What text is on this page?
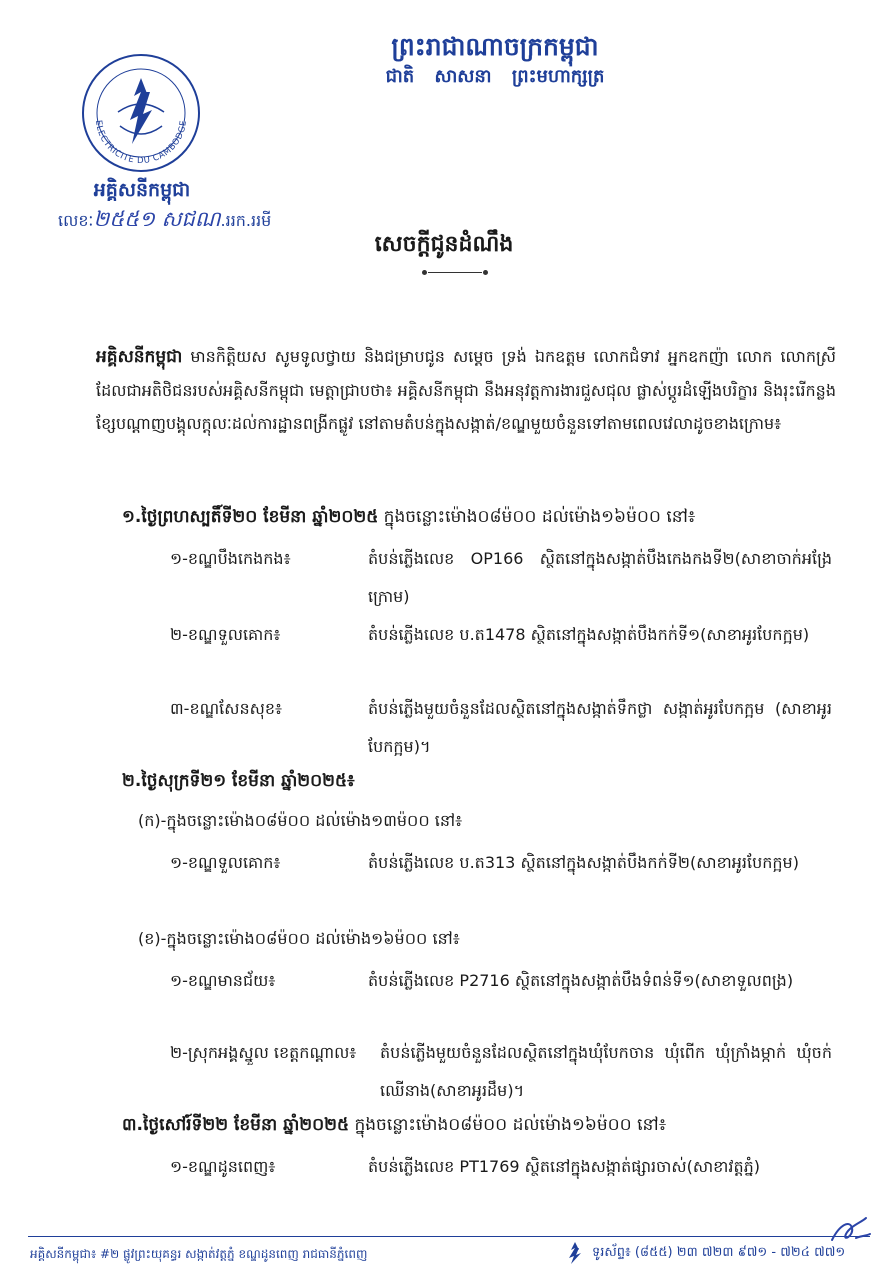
ព្រះរាជាណាចក្រកម្ពុជា
ជាតិ សាសនា ព្រះមហាក្សត្រ
ELECTRICITE DU CAMBODGE
អគ្គិសនីកម្ពុជា
លេខៈ២៥៥១ សជណ.ររក.ររមី
សេចក្តីជូនដំណឹង
អគ្គិសនីកម្ពុជា មានកិត្តិយស សូមទូលថ្វាយ និងជម្រាបជូន សម្តេច ទ្រង់ ឯកឧត្តម លោកជំទាវ អ្នកឧកញ៉ា លោក លោកស្រី ដែលជាអតិថិជនរបស់អគ្គិសនីកម្ពុជា មេត្តាជ្រាបថា៖ អគ្គិសនីកម្ពុជា នឹងអនុវត្តការងារជួសជុល ផ្លាស់ប្តូរដំឡើងបរិក្ខារ និងរុះរើកន្លងខ្សែបណ្តាញបង្គុលក្តុលៈដល់ការដ្ឋានពង្រីកផ្លូវ នៅតាមតំបន់ក្នុងសង្កាត់/ខណ្ឌមួយចំនួនទៅតាមពេលវេលាដូចខាងក្រោម៖
១.ថ្ងៃព្រហស្បតិ៍ទី២០ ខែមីនា ឆ្នាំ២០២៥ ក្នុងចន្លោះម៉ោង០៨ម៉០០ ដល់ម៉ោង១៦ម៉០០ នៅ៖
១-ខណ្ឌបឹងកេងកង៖	តំបន់ភ្លើងលេខ OP166 ស្ថិតនៅក្នុងសង្កាត់បឹងកេងកងទី២(សាខាចាក់អង្រែក្រោម)
២-ខណ្ឌទួលគោក៖	តំបន់ភ្លើងលេខ ប.ត1478 ស្ថិតនៅក្នុងសង្កាត់បឹងកក់ទី១(សាខាអូរបែកក្អម)
៣-ខណ្ឌសែនសុខ៖	តំបន់ភ្លើងមួយចំនួនដែលស្ថិតនៅក្នុងសង្កាត់ទឹកថ្លា សង្កាត់អូរបែកក្អម (សាខាអូរបែកក្អម)។
២.ថ្ងៃសុក្រទី២១ ខែមីនា ឆ្នាំ២០២៥៖
(ក)-ក្នុងចន្លោះម៉ោង០៨ម៉០០ ដល់ម៉ោង១៣ម៉០០ នៅ៖
១-ខណ្ឌទួលគោក៖	តំបន់ភ្លើងលេខ ប.ត313 ស្ថិតនៅក្នុងសង្កាត់បឹងកក់ទី២(សាខាអូរបែកក្អម)
(ខ)-ក្នុងចន្លោះម៉ោង០៨ម៉០០ ដល់ម៉ោង១៦ម៉០០ នៅ៖
១-ខណ្ឌមានជ័យ៖	តំបន់ភ្លើងលេខ P2716 ស្ថិតនៅក្នុងសង្កាត់បឹងទំពន់ទី១(សាខាទួលពង្រ)
២-ស្រុកអង្គស្នួល ខេត្តកណ្តាល៖ តំបន់ភ្លើងមួយចំនួនដែលស្ថិតនៅក្នុងឃុំបែកចាន ឃុំពើក ឃុំក្រាំងម្កាក់ ឃុំចក់ឈើនាង(សាខាអូរដឹម)។
៣.ថ្ងៃសៅរ៍ទី២២ ខែមីនា ឆ្នាំ២០២៥ ក្នុងចន្លោះម៉ោង០៨ម៉០០ ដល់ម៉ោង១៦ម៉០០ នៅ៖
១-ខណ្ឌដូនពេញ៖	តំបន់ភ្លើងលេខ PT1769 ស្ថិតនៅក្នុងសង្កាត់ផ្សារចាស់(សាខាវត្តភ្នំ)
អគ្គិសនីកម្ពុជា៖ #២ ផ្លូវព្រះយុគន្ធរ សង្កាត់វត្តភ្នំ ខណ្ឌដូនពេញ រាជធានីភ្នំពេញ	ទូរស័ព្ទ៖ (៨៥៥) ២៣ ៧២៣ ៩៧១ - ៧២៤ ៧៧១
